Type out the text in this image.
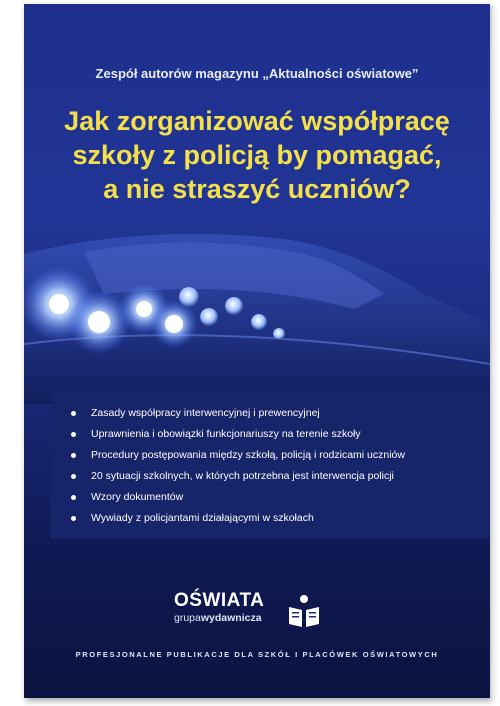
Zespół autorów magazynu „Aktualności oświatowe”
Jak zorganizować współpracę
szkoły z policją by pomagać,
a nie straszyć uczniów?
Zasady współpracy interwencyjnej i prewencyjnej
Uprawnienia i obowiązki funkcjonariuszy na terenie szkoły
Procedury postępowania między szkołą, policją i rodzicami uczniów
20 sytuacji szkolnych, w których potrzebna jest interwencja policji
Wzory dokumentów
Wywiady z policjantami działającymi w szkołach
OŚWIATA
grupawydawnicza
PROFESJONALNE PUBLIKACJE DLA SZKÓŁ I PLACÓWEK OŚWIATOWYCH
